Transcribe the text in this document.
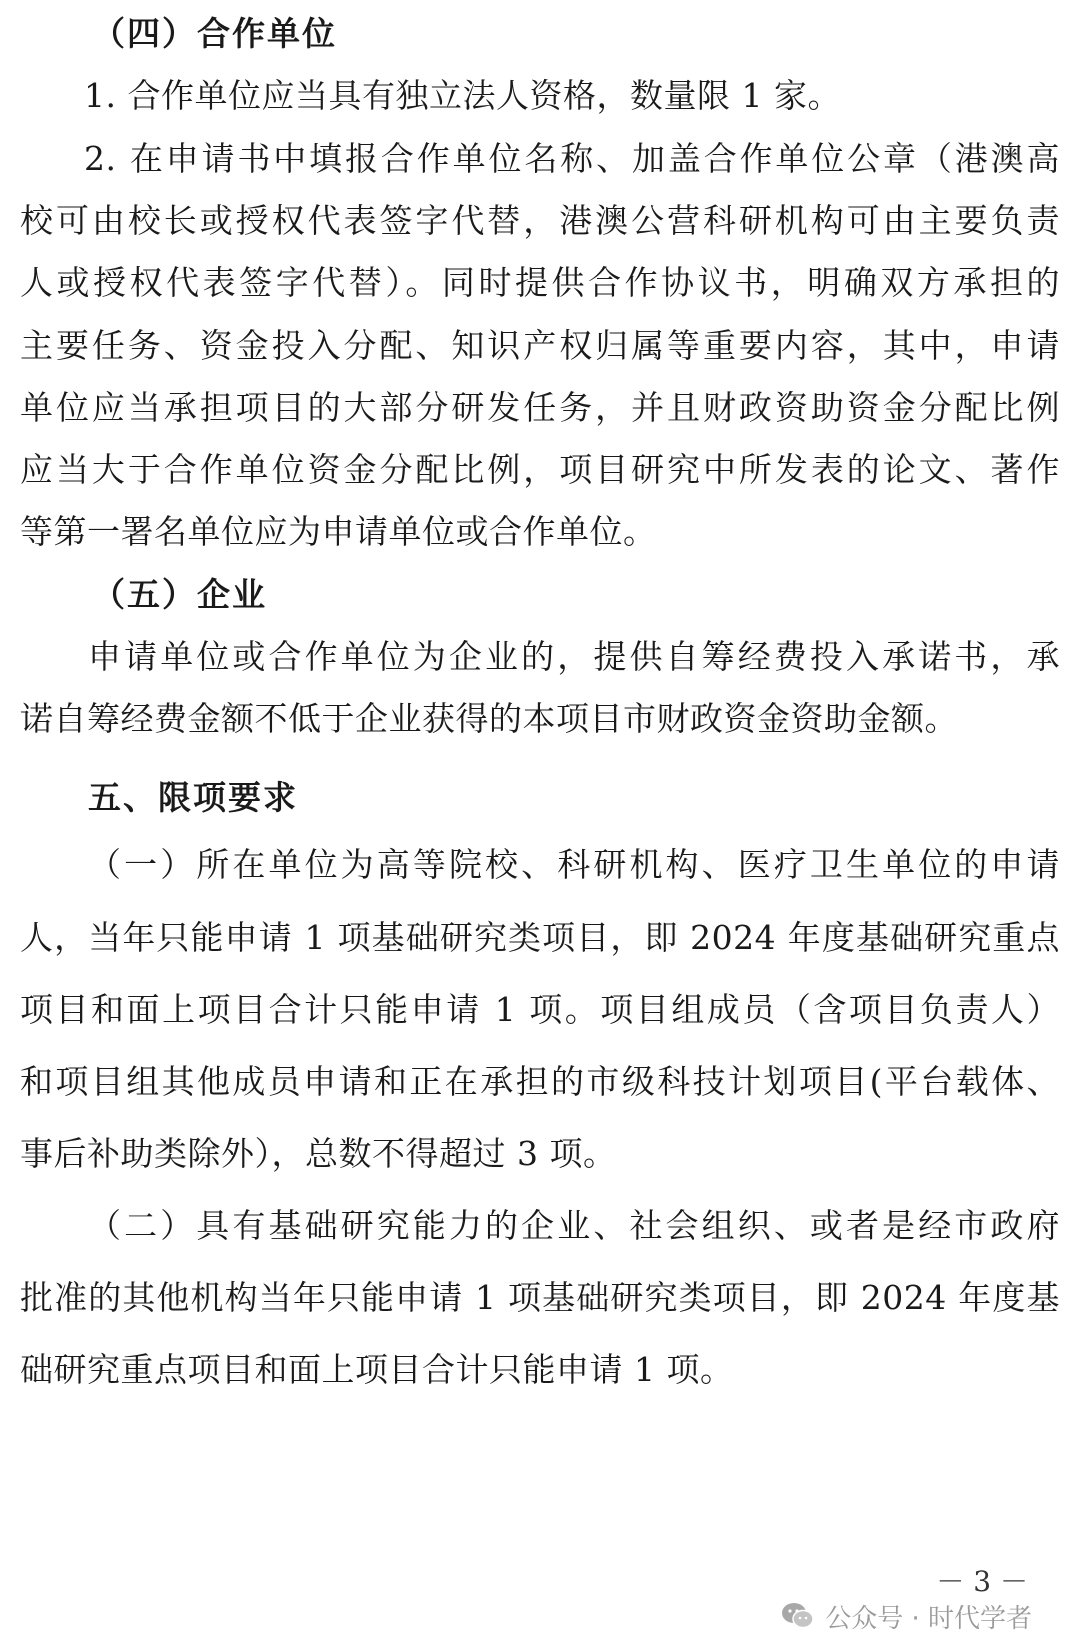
（四）合作单位
1. 合作单位应当具有独立法人资格，数量限 1 家。
2. 在申请书中填报合作单位名称、加盖合作单位公章（港澳高
校可由校长或授权代表签字代替，港澳公营科研机构可由主要负责
人或授权代表签字代替）。同时提供合作协议书，明确双方承担的
主要任务、资金投入分配、知识产权归属等重要内容，其中，申请
单位应当承担项目的大部分研发任务，并且财政资助资金分配比例
应当大于合作单位资金分配比例，项目研究中所发表的论文、著作
等第一署名单位应为申请单位或合作单位。
（五）企业
申请单位或合作单位为企业的，提供自筹经费投入承诺书，承
诺自筹经费金额不低于企业获得的本项目市财政资金资助金额。
五、限项要求
（一）所在单位为高等院校、科研机构、医疗卫生单位的申请
人，当年只能申请 1 项基础研究类项目，即 2024 年度基础研究重点
项目和面上项目合计只能申请 1 项。项目组成员（含项目负责人）
和项目组其他成员申请和正在承担的市级科技计划项目(平台载体、
事后补助类除外），总数不得超过 3 项。
（二）具有基础研究能力的企业、社会组织、或者是经市政府
批准的其他机构当年只能申请 1 项基础研究类项目，即 2024 年度基
础研究重点项目和面上项目合计只能申请 1 项。
－ 3 －
公众号 · 时代学者
